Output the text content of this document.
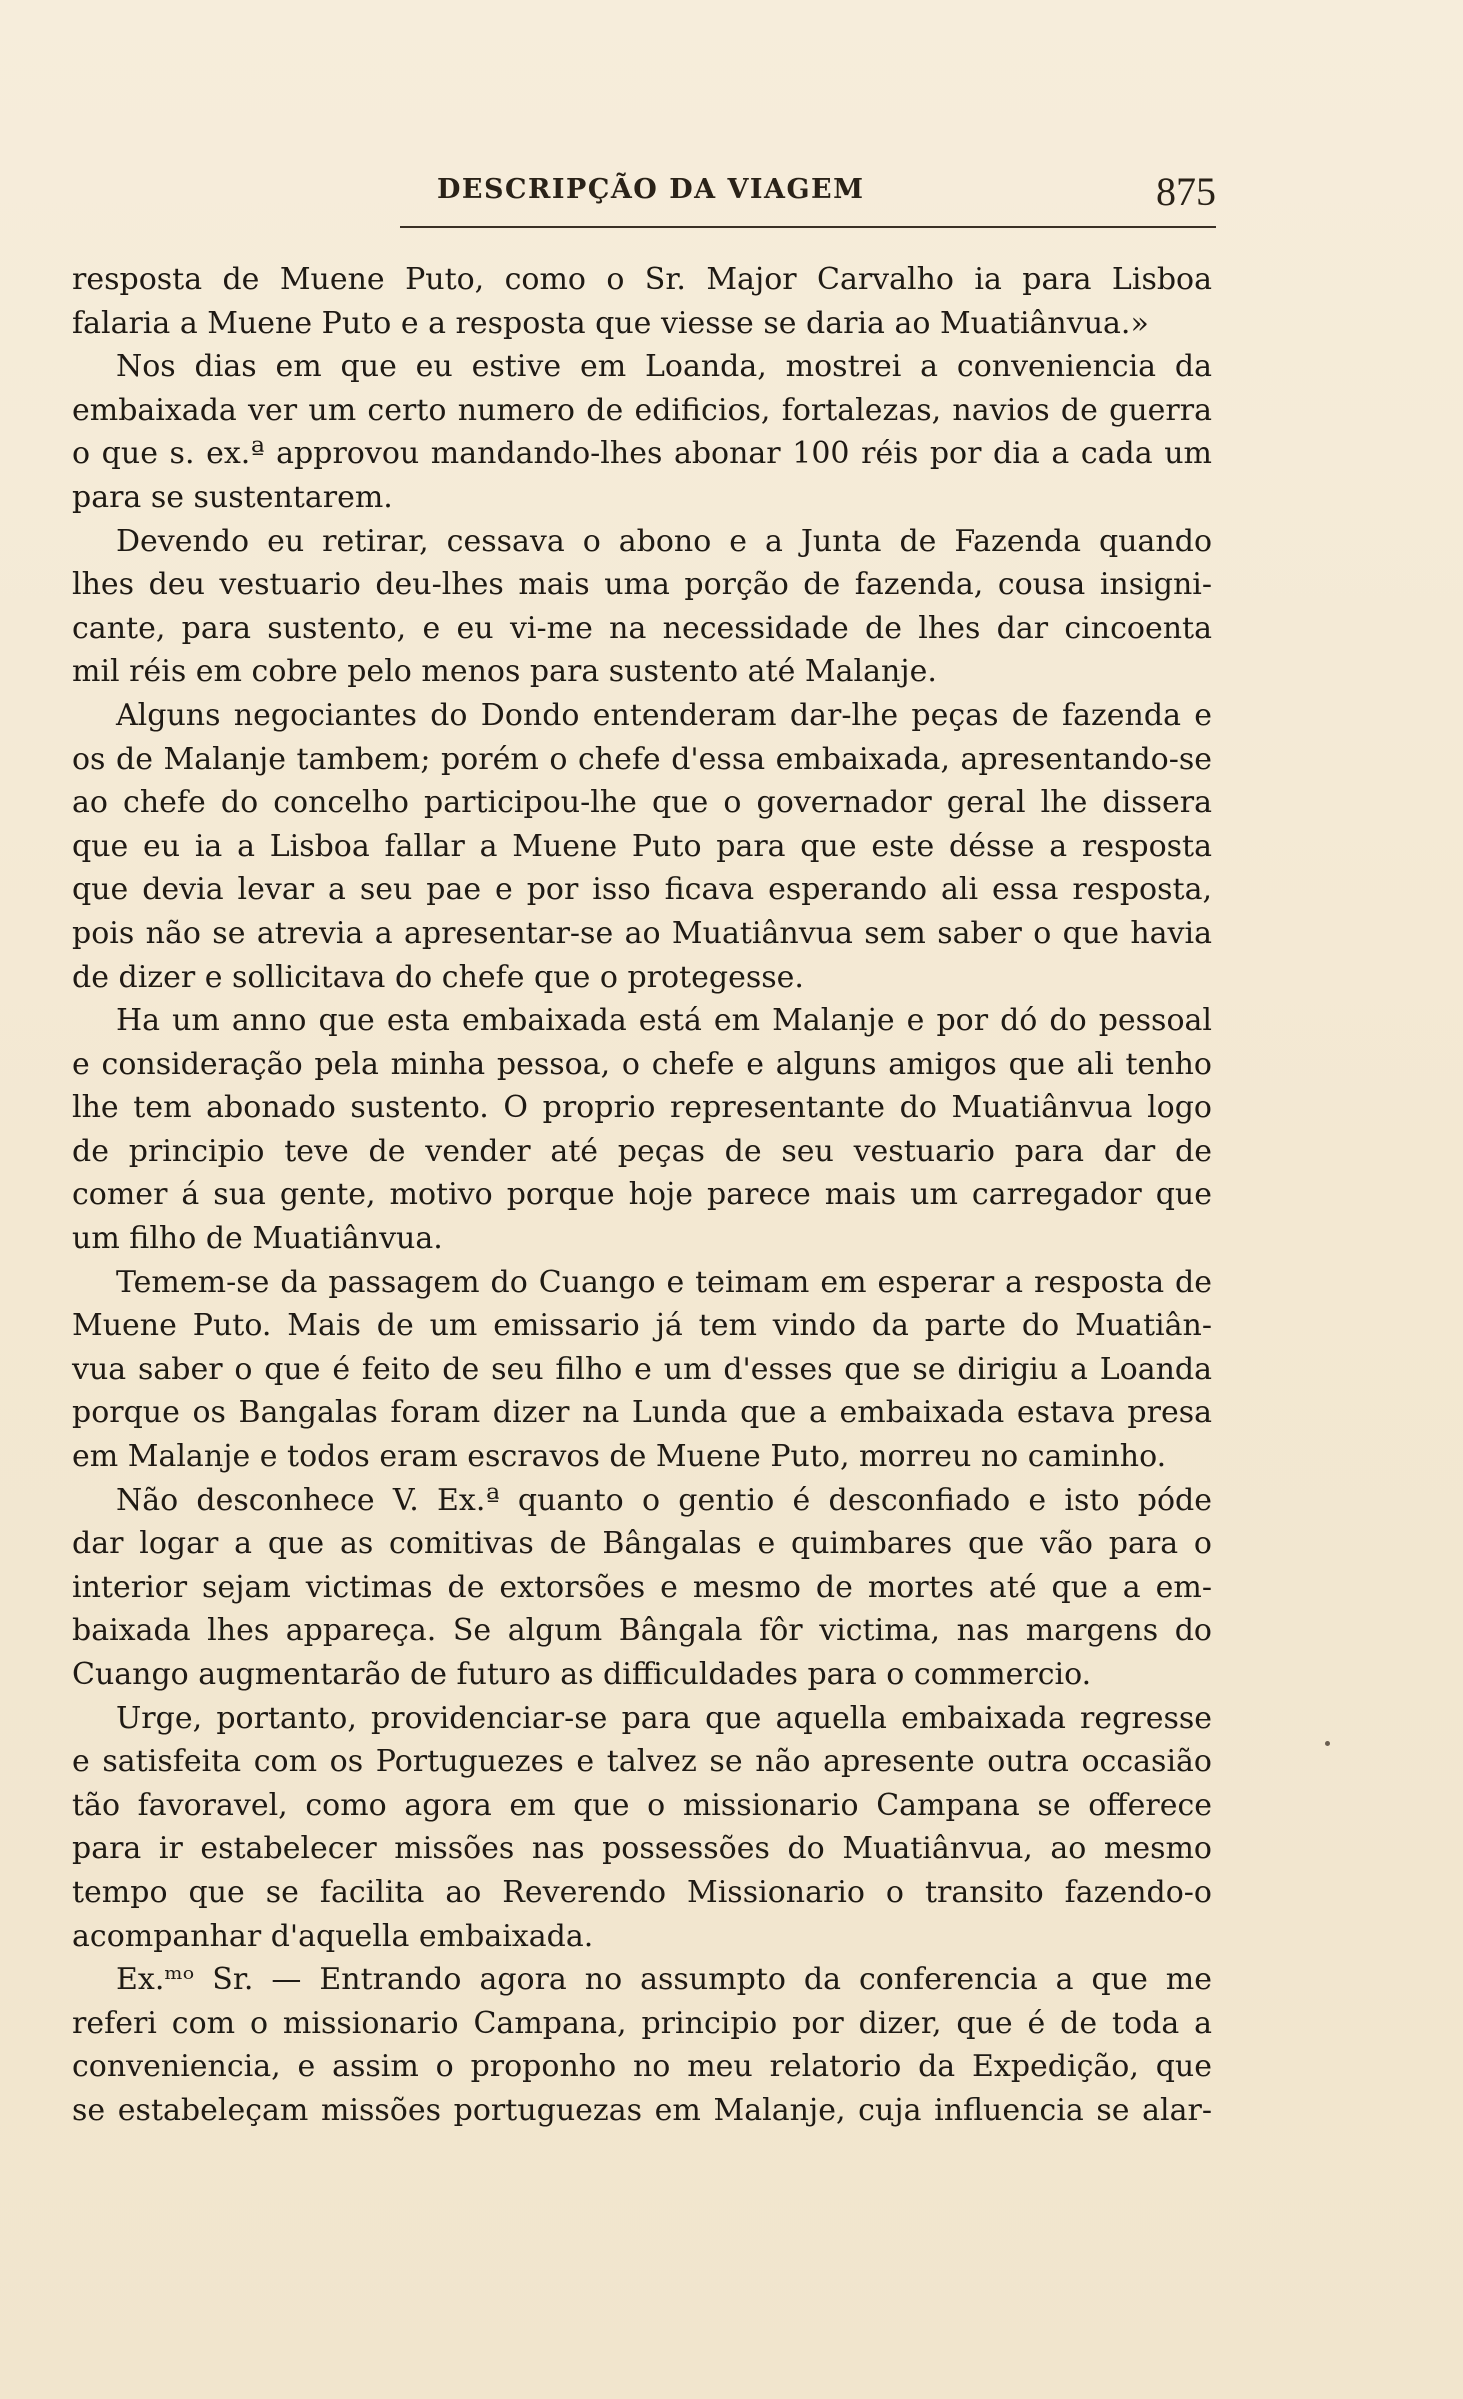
DESCRIPÇÃO DA VIAGEM	875

resposta de Muene Puto, como o Sr. Major Carvalho ia para Lisboa

falaria a Muene Puto e a resposta que viesse se daria ao Muatiânvua.»

Nos dias em que eu estive em Loanda, mostrei a conveniencia da

embaixada ver um certo numero de edificios, fortalezas, navios de guerra

o que s. ex.ª approvou mandando-lhes abonar 100 réis por dia a cada um

para se sustentarem.

Devendo eu retirar, cessava o abono e a Junta de Fazenda quando

lhes deu vestuario deu-lhes mais uma porção de fazenda, cousa insigni-

cante, para sustento, e eu vi-me na necessidade de lhes dar cincoenta

mil réis em cobre pelo menos para sustento até Malanje.

Alguns negociantes do Dondo entenderam dar-lhe peças de fazenda e

os de Malanje tambem; porém o chefe d'essa embaixada, apresentando-se

ao chefe do concelho participou-lhe que o governador geral lhe dissera

que eu ia a Lisboa fallar a Muene Puto para que este désse a resposta

que devia levar a seu pae e por isso ficava esperando ali essa resposta,

pois não se atrevia a apresentar-se ao Muatiânvua sem saber o que havia

de dizer e sollicitava do chefe que o protegesse.

Ha um anno que esta embaixada está em Malanje e por dó do pessoal

e consideração pela minha pessoa, o chefe e alguns amigos que ali tenho

lhe tem abonado sustento. O proprio representante do Muatiânvua logo

de principio teve de vender até peças de seu vestuario para dar de

comer á sua gente, motivo porque hoje parece mais um carregador que

um filho de Muatiânvua.

Temem-se da passagem do Cuango e teimam em esperar a resposta de

Muene Puto. Mais de um emissario já tem vindo da parte do Muatiân-

vua saber o que é feito de seu filho e um d'esses que se dirigiu a Loanda

porque os Bangalas foram dizer na Lunda que a embaixada estava presa

em Malanje e todos eram escravos de Muene Puto, morreu no caminho.

Não desconhece V. Ex.ª quanto o gentio é desconfiado e isto póde

dar logar a que as comitivas de Bângalas e quimbares que vão para o

interior sejam victimas de extorsões e mesmo de mortes até que a em-

baixada lhes appareça. Se algum Bângala fôr victima, nas margens do

Cuango augmentarão de futuro as difficuldades para o commercio.

Urge, portanto, providenciar-se para que aquella embaixada regresse

e satisfeita com os Portuguezes e talvez se não apresente outra occasião

tão favoravel, como agora em que o missionario Campana se offerece

para ir estabelecer missões nas possessões do Muatiânvua, ao mesmo

tempo que se facilita ao Reverendo Missionario o transito fazendo-o

acompanhar d'aquella embaixada.

Ex.ᵐᵒ Sr. — Entrando agora no assumpto da conferencia a que me

referi com o missionario Campana, principio por dizer, que é de toda a

conveniencia, e assim o proponho no meu relatorio da Expedição, que

se estabeleçam missões portuguezas em Malanje, cuja influencia se alar-
